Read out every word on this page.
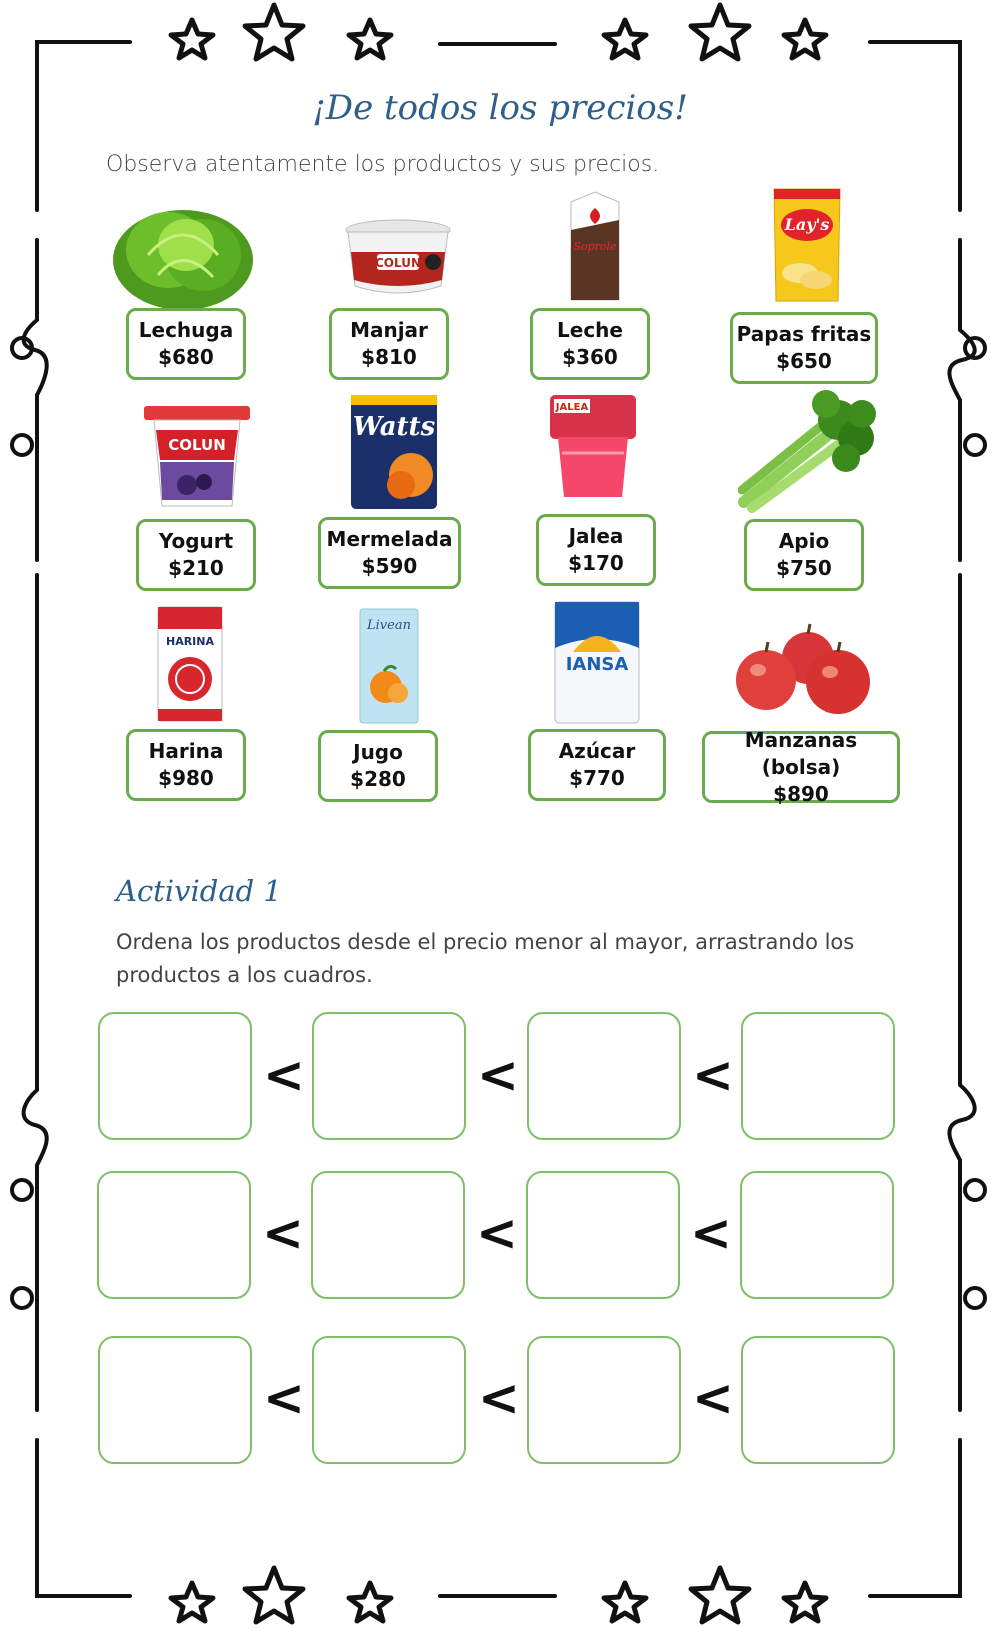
¡De todos los precios!
Observa atentamente los productos y sus precios.
COLUN
Soprole
Lay's
Lechuga
$680
Manjar
$810
Leche
$360
Papas fritas
$650
COLUN
Watts
JALEA
Yogurt
$210
Mermelada
$590
Jalea
$170
Apio
$750
HARINA
Livean
IANSA
Harina
$980
Jugo
$280
Azúcar
$770
Manzanas (bolsa)
$890
Actividad 1
Ordena los productos desde el precio menor al mayor, arrastrando los productos a los cuadros.
<	<	<
<	<	<
<	<	<
